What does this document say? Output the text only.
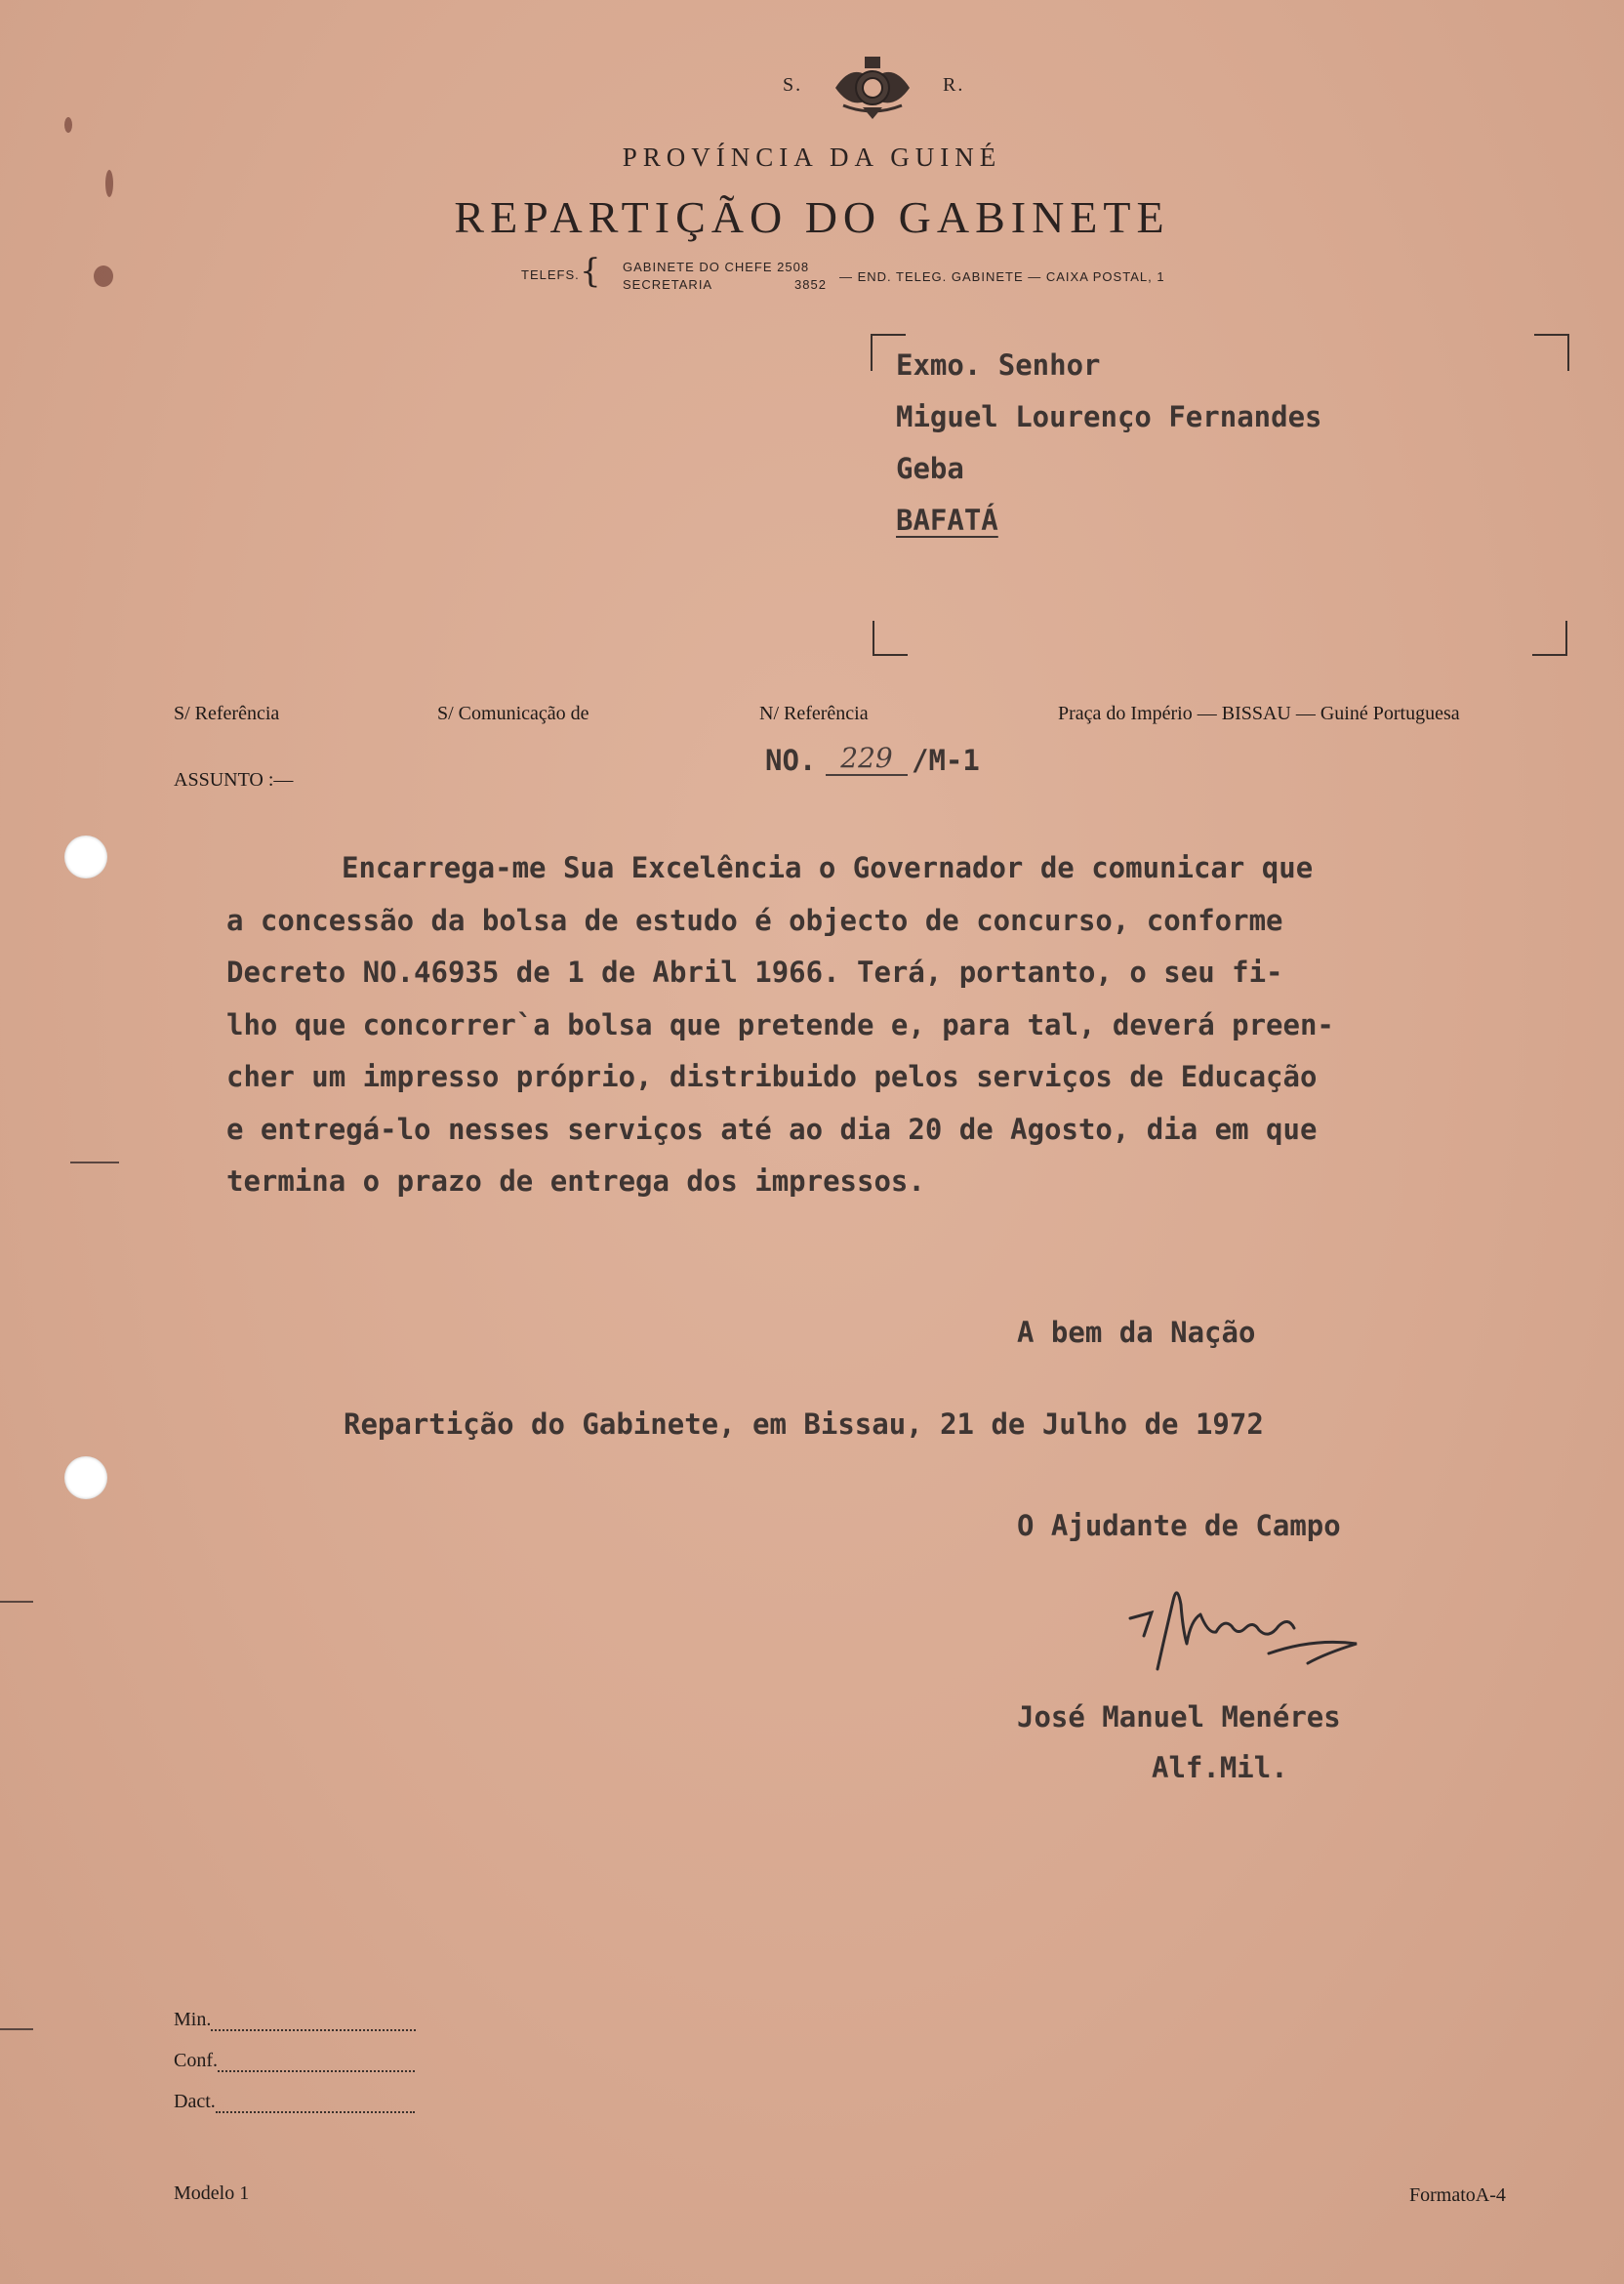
S.	R.
PROVÍNCIA DA GUINÉ
REPARTIÇÃO DO GABINETE
TELEFS. { GABINETE DO CHEFE 2508
SECRETARIA	3852
— END. TELEG. GABINETE — CAIXA POSTAL, 1
Exmo. Senhor
Miguel Lourenço Fernandes
Geba
BAFATÁ
S/ Referência	S/ Comunicação de	N/ Referência	Praça do Império — BISSAU — Guiné Portuguesa
ASSUNTO :—
NO. 229 /M-1
Encarrega-me Sua Excelência o Governador de comunicar que
a concessão da bolsa de estudo é objecto de concurso, conforme
Decreto NO.46935 de 1 de Abril 1966. Terá, portanto, o seu fi-
lho que concorrer`a bolsa que pretende e, para tal, deverá preen-
cher um impresso próprio, distribuido pelos serviços de Educação
e entregá-lo nesses serviços até ao dia 20 de Agosto, dia em que
termina o prazo de entrega dos impressos.
A bem da Nação
Repartição do Gabinete, em Bissau, 21 de Julho de 1972
O Ajudante de Campo
José Manuel Menéres
Alf.Mil.
Min.
Conf.
Dact.
Modelo 1	FormatoA-4
